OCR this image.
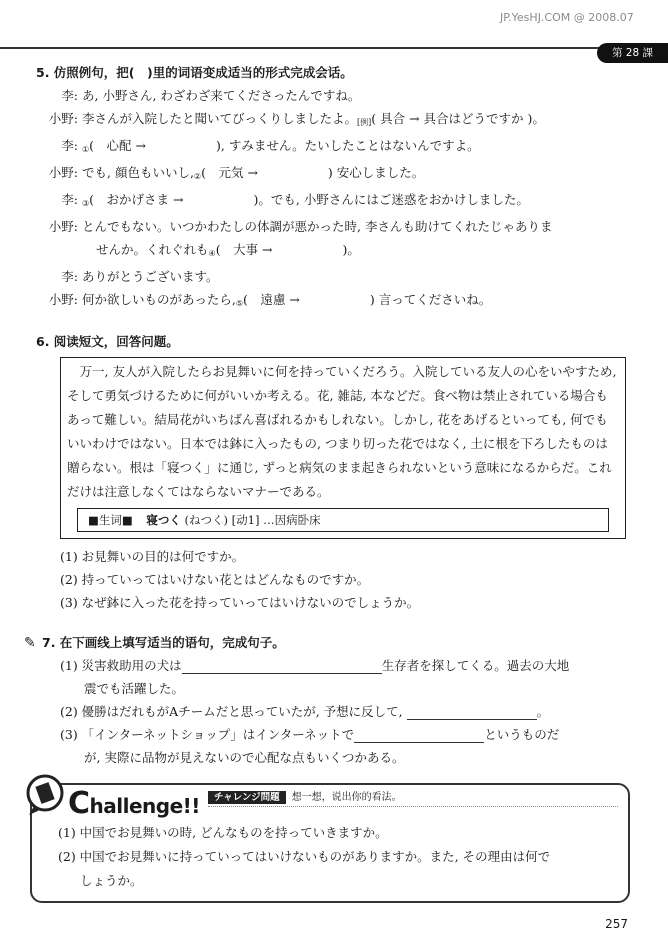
JP.YesHJ.COM @ 2008.07
第 28 課
5. 仿照例句，把(　)里的词语变成适当的形式完成会话。
李: あ, 小野さん, わざわざ来てくださったんですね。
小野: 李さんが入院したと聞いてびっくりしましたよ。[例]( 具合 → 具合はどうですか )。
李: ①(　心配 →	), すみません。たいしたことはないんですよ。
小野: でも, 顔色もいいし,②(　元気 →	) 安心しました。
李: ③(　おかげさま →	)。でも, 小野さんにはご迷惑をおかけしました。
小野: とんでもない。いつかわたしの体調が悪かった時, 李さんも助けてくれたじゃありま
せんか。くれぐれも④(　大事 →	)。
李: ありがとうございます。
小野: 何か欲しいものがあったら,⑤(　遠慮 →	) 言ってくださいね。
6. 阅读短文，回答问题。
　万一, 友人が入院したらお見舞いに何を持っていくだろう。入院している友人の心をいやすため, そして勇気づけるために何がいいか考える。花, 雑誌, 本などだ。食べ物は禁止されている場合もあって難しい。結局花がいちばん喜ばれるかもしれない。しかし, 花をあげるといっても, 何でもいいわけではない。日本では鉢に入ったもの, つまり切った花ではなく, 土に根を下ろしたものは贈らない。根は「寝つく」に通じ, ずっと病気のまま起きられないという意味になるからだ。これだけは注意しなくてはならないマナーである。
■生词■ 寝つく (ねつく) [动1] …因病卧床
(1) お見舞いの目的は何ですか。
(2) 持っていってはいけない花とはどんなものですか。
(3) なぜ鉢に入った花を持っていってはいけないのでしょうか。
✎ 7. 在下画线上填写适当的语句，完成句子。
(1) 災害救助用の犬は	生存者を探してくる。過去の大地
震でも活躍した。
(2) 優勝はだれもがAチームだと思っていたが, 予想に反して,	。
(3) 「インターネットショップ」はインターネットで	というものだ
が, 実際に品物が見えないので心配な点もいくつかある。
Challenge!!	チャレンジ問題 想一想，说出你的看法。
(1) 中国でお見舞いの時, どんなものを持っていきますか。
(2) 中国でお見舞いに持っていってはいけないものがありますか。また, その理由は何で
しょうか。
257
